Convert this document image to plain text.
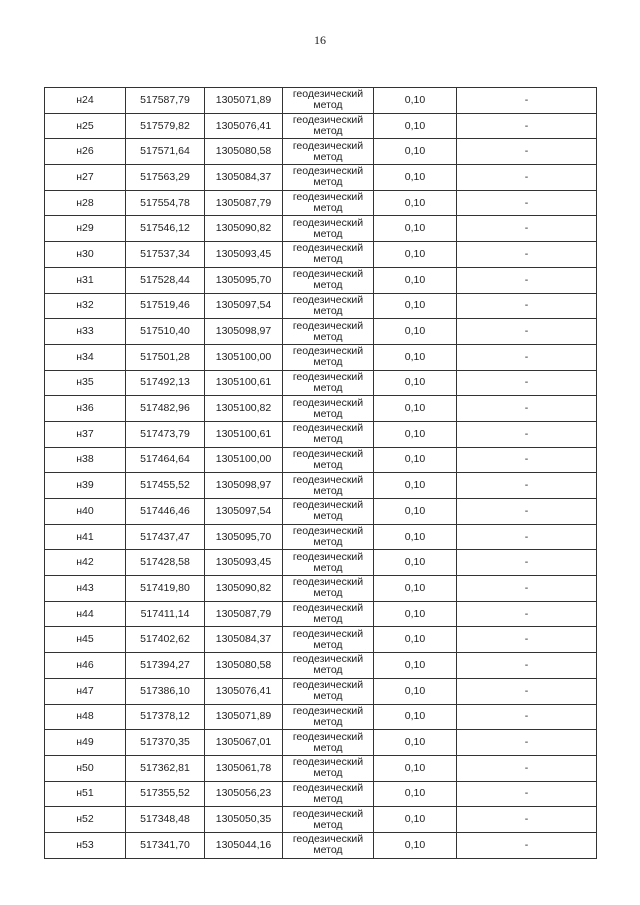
16
н24	517587,79	1305071,89	геодезический
метод	0,10	-
н25	517579,82	1305076,41	геодезический
метод	0,10	-
н26	517571,64	1305080,58	геодезический
метод	0,10	-
н27	517563,29	1305084,37	геодезический
метод	0,10	-
н28	517554,78	1305087,79	геодезический
метод	0,10	-
н29	517546,12	1305090,82	геодезический
метод	0,10	-
н30	517537,34	1305093,45	геодезический
метод	0,10	-
н31	517528,44	1305095,70	геодезический
метод	0,10	-
н32	517519,46	1305097,54	геодезический
метод	0,10	-
н33	517510,40	1305098,97	геодезический
метод	0,10	-
н34	517501,28	1305100,00	геодезический
метод	0,10	-
н35	517492,13	1305100,61	геодезический
метод	0,10	-
н36	517482,96	1305100,82	геодезический
метод	0,10	-
н37	517473,79	1305100,61	геодезический
метод	0,10	-
н38	517464,64	1305100,00	геодезический
метод	0,10	-
н39	517455,52	1305098,97	геодезический
метод	0,10	-
н40	517446,46	1305097,54	геодезический
метод	0,10	-
н41	517437,47	1305095,70	геодезический
метод	0,10	-
н42	517428,58	1305093,45	геодезический
метод	0,10	-
н43	517419,80	1305090,82	геодезический
метод	0,10	-
н44	517411,14	1305087,79	геодезический
метод	0,10	-
н45	517402,62	1305084,37	геодезический
метод	0,10	-
н46	517394,27	1305080,58	геодезический
метод	0,10	-
н47	517386,10	1305076,41	геодезический
метод	0,10	-
н48	517378,12	1305071,89	геодезический
метод	0,10	-
н49	517370,35	1305067,01	геодезический
метод	0,10	-
н50	517362,81	1305061,78	геодезический
метод	0,10	-
н51	517355,52	1305056,23	геодезический
метод	0,10	-
н52	517348,48	1305050,35	геодезический
метод	0,10	-
н53	517341,70	1305044,16	геодезический
метод	0,10	-
